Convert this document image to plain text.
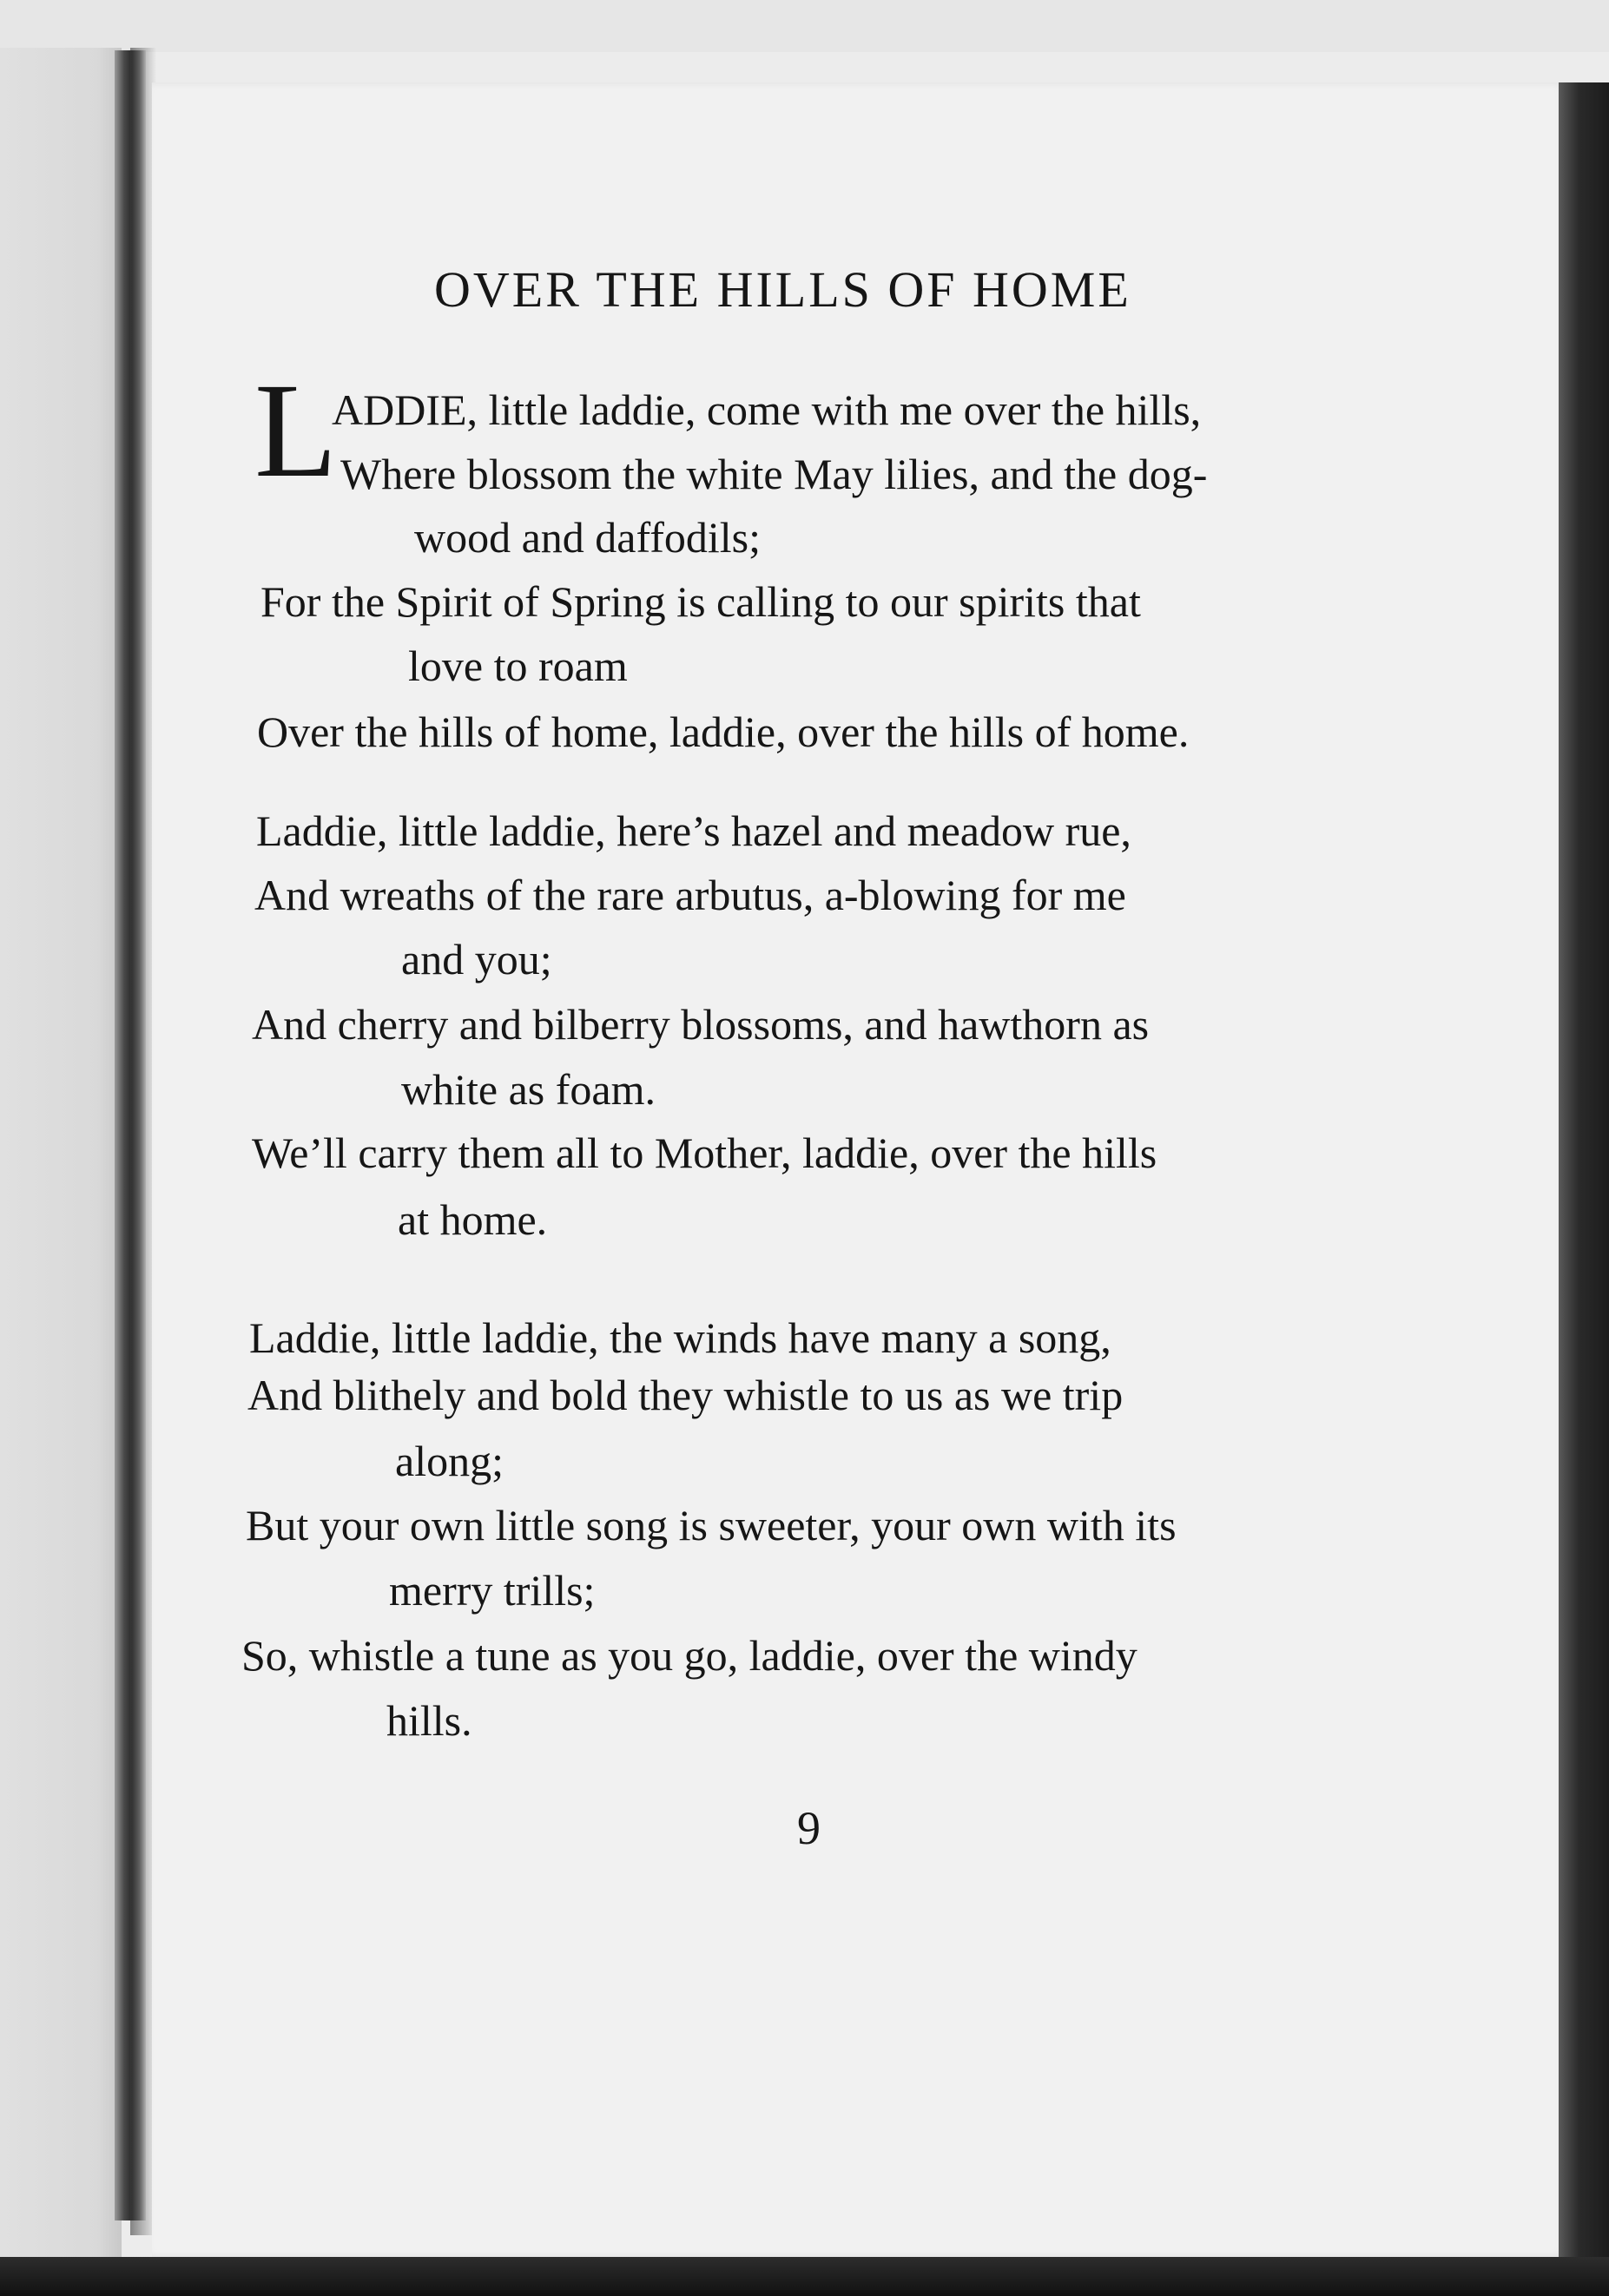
OVER THE HILLS OF HOME
L
ADDIE, little laddie, come with me over the hills,
Where blossom the white May lilies, and the dog-
wood and daffodils;
For the Spirit of Spring is calling to our spirits that
love to roam
Over the hills of home, laddie, over the hills of home.
Laddie, little laddie, here’s hazel and meadow rue,
And wreaths of the rare arbutus, a-blowing for me
and you;
And cherry and bilberry blossoms, and hawthorn as
white as foam.
We’ll carry them all to Mother, laddie, over the hills
at home.
Laddie, little laddie, the winds have many a song,
And blithely and bold they whistle to us as we trip
along;
But your own little song is sweeter, your own with its
merry trills;
So, whistle a tune as you go, laddie, over the windy
hills.
9
